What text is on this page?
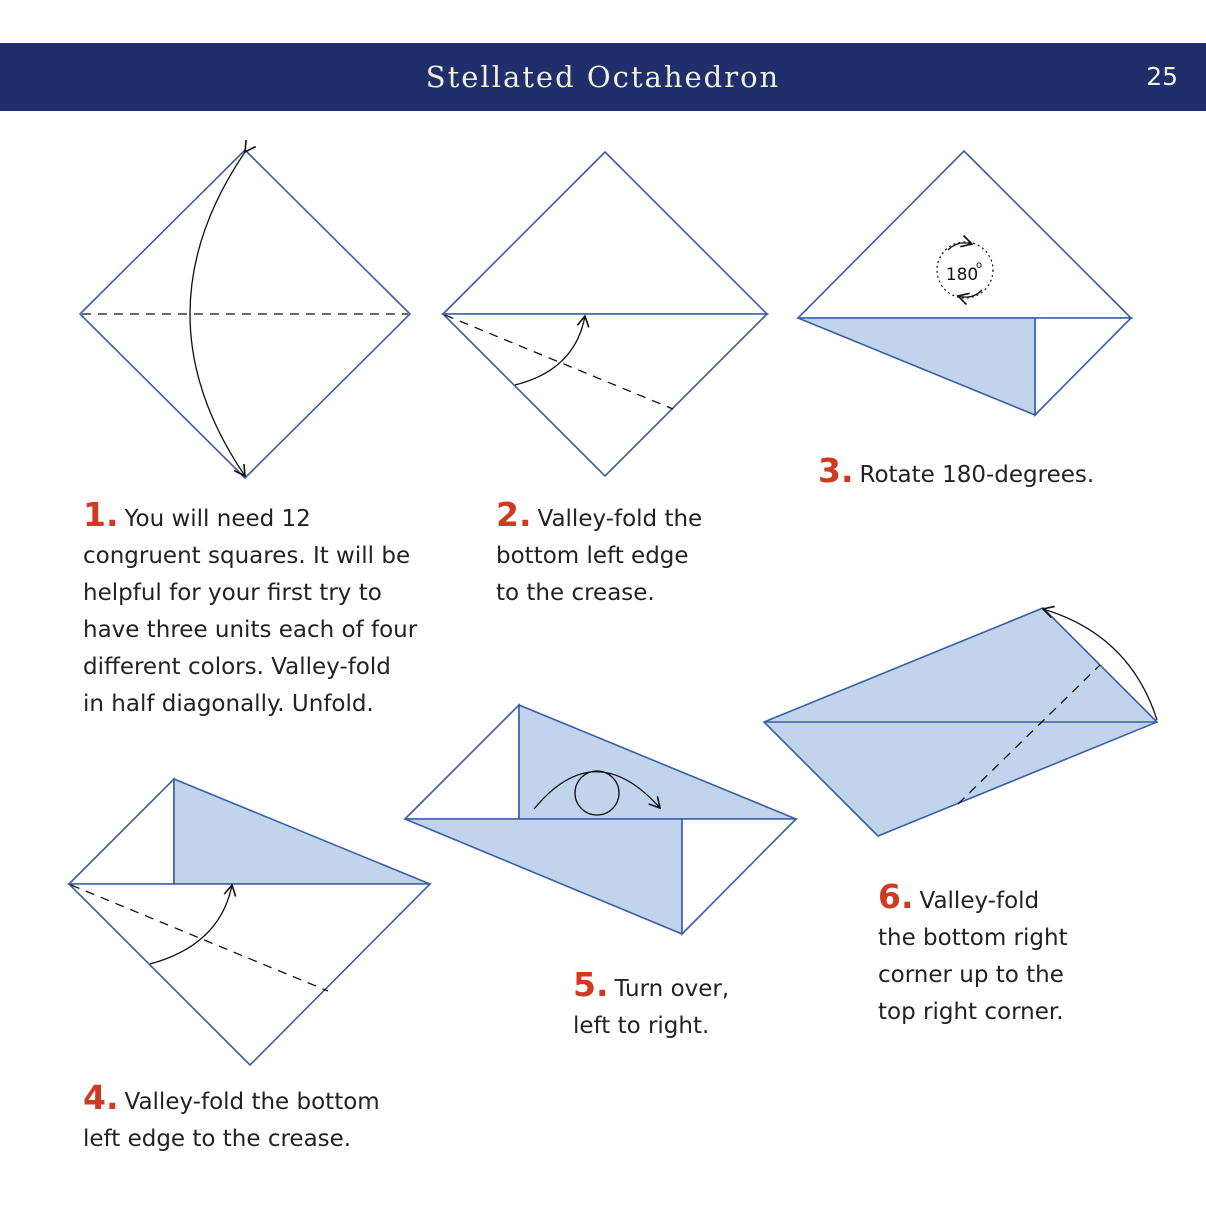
Stellated Octahedron	25
180
o
1. You will need 12
congruent squares. It will be
helpful for your first try to
have three units each of four
different colors. Valley-fold
in half diagonally. Unfold.
2. Valley-fold the
bottom left edge
to the crease.
3. Rotate 180-degrees.
4. Valley-fold the bottom
left edge to the crease.
5. Turn over,
left to right.
6. Valley-fold
the bottom right
corner up to the
top right corner.
